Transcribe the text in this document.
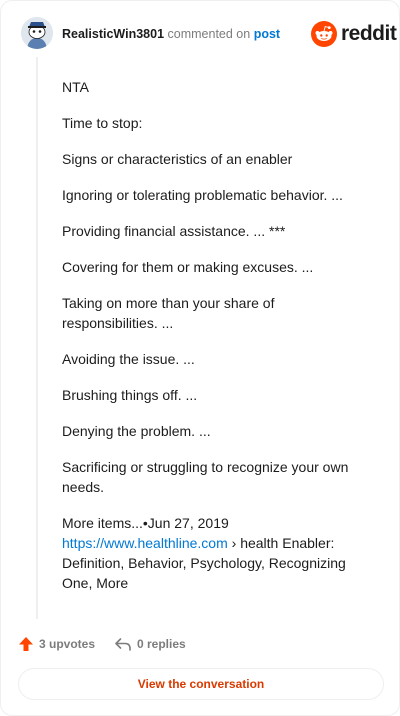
RealisticWin3801 commented on post	reddit

NTA

Time to stop:

Signs or characteristics of an enabler

Ignoring or tolerating problematic behavior. ...

Providing financial assistance. ... ***

Covering for them or making excuses. ...

Taking on more than your share of responsibilities. ...

Avoiding the issue. ...

Brushing things off. ...

Denying the problem. ...

Sacrificing or struggling to recognize your own needs.

More items...•Jun 27, 2019
https://www.healthline.com › health Enabler: Definition, Behavior, Psychology, Recognizing One, More

3 upvotes	0 replies
View the conversation
